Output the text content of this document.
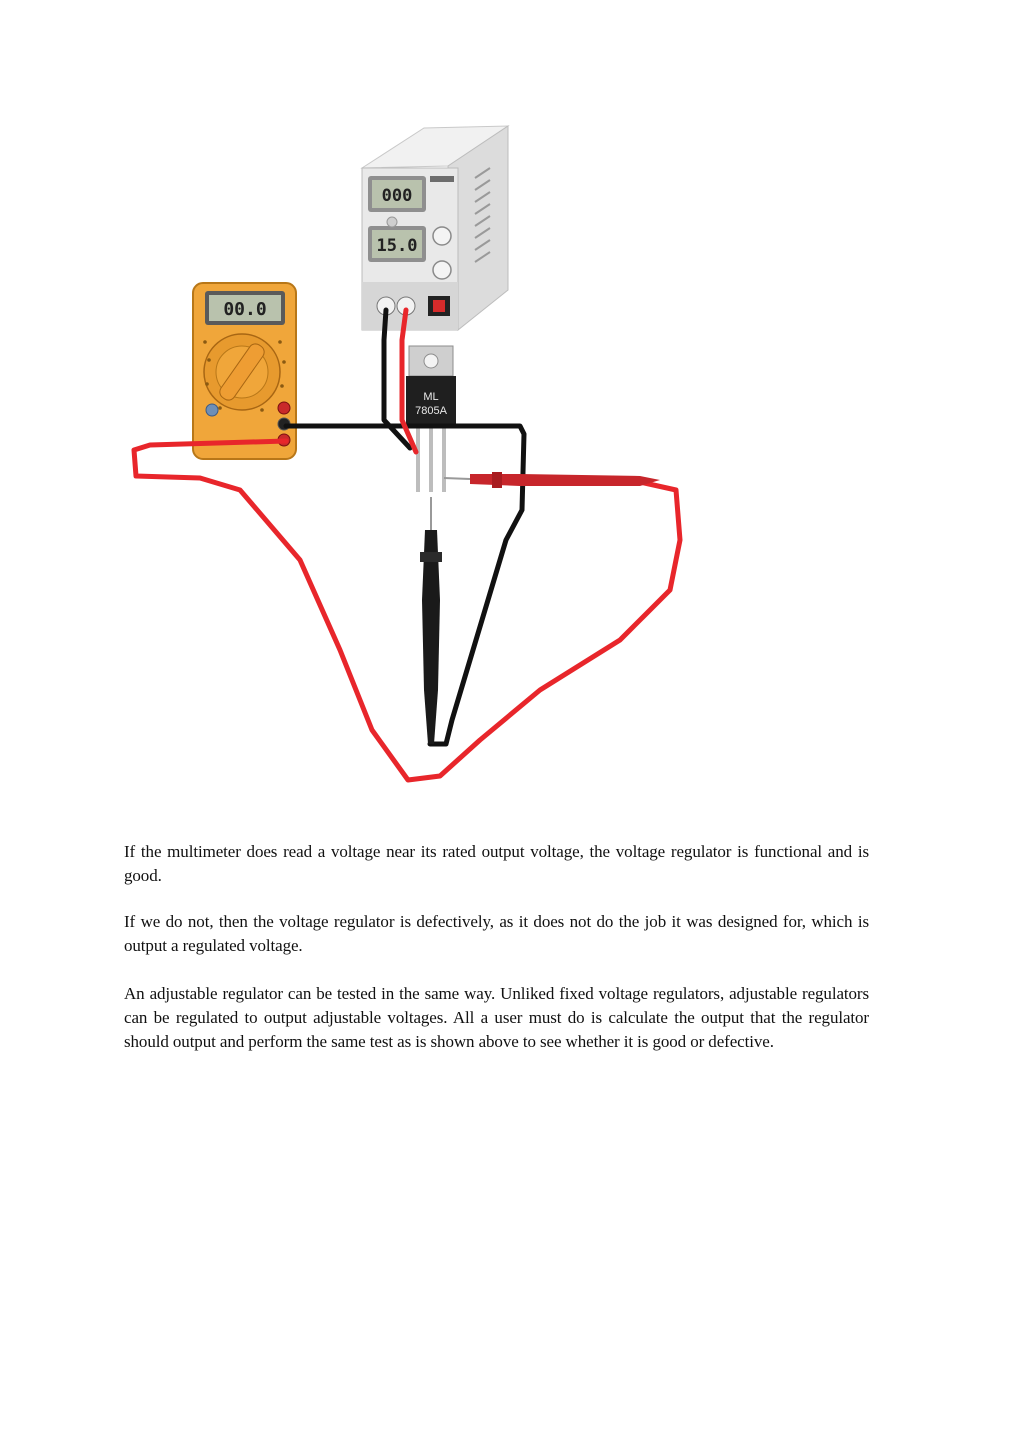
000
15.0
00.0
ML
7805A

If the multimeter does read a voltage near its rated output voltage, the voltage regulator is functional and is good.

If we do not, then the voltage regulator is defectively, as it does not do the job it was designed for, which is output a regulated voltage.

An adjustable regulator can be tested in the same way. Unliked fixed voltage regulators, adjustable regulators can be regulated to output adjustable voltages. All a user must do is calculate the output that the regulator should output and perform the same test as is shown above to see whether it is good or defective.
